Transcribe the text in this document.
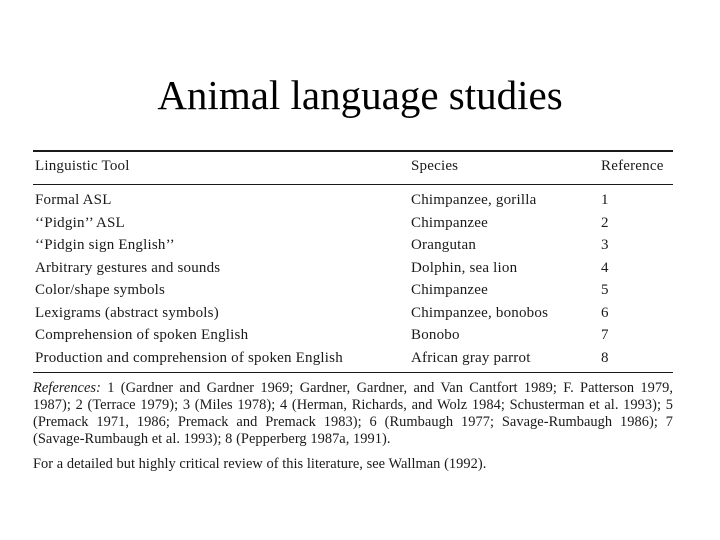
Animal language studies
Linguistic Tool	Species	Reference
Formal ASL	Chimpanzee, gorilla	1
‘‘Pidgin’’ ASL	Chimpanzee	2
‘‘Pidgin sign English’’	Orangutan	3
Arbitrary gestures and sounds	Dolphin, sea lion	4
Color/shape symbols	Chimpanzee	5
Lexigrams (abstract symbols)	Chimpanzee, bonobos	6
Comprehension of spoken English	Bonobo	7
Production and comprehension of spoken English	African gray parrot	8
References: 1 (Gardner and Gardner 1969; Gardner, Gardner, and Van Cantfort 1989; F. Patterson 1979, 1987); 2 (Terrace 1979); 3 (Miles 1978); 4 (Herman, Richards, and Wolz 1984; Schusterman et al. 1993); 5 (Premack 1971, 1986; Premack and Premack 1983); 6 (Rumbaugh 1977; Savage-Rumbaugh 1986); 7 (Savage-Rumbaugh et al. 1993); 8 (Pepperberg 1987a, 1991).
For a detailed but highly critical review of this literature, see Wallman (1992).
